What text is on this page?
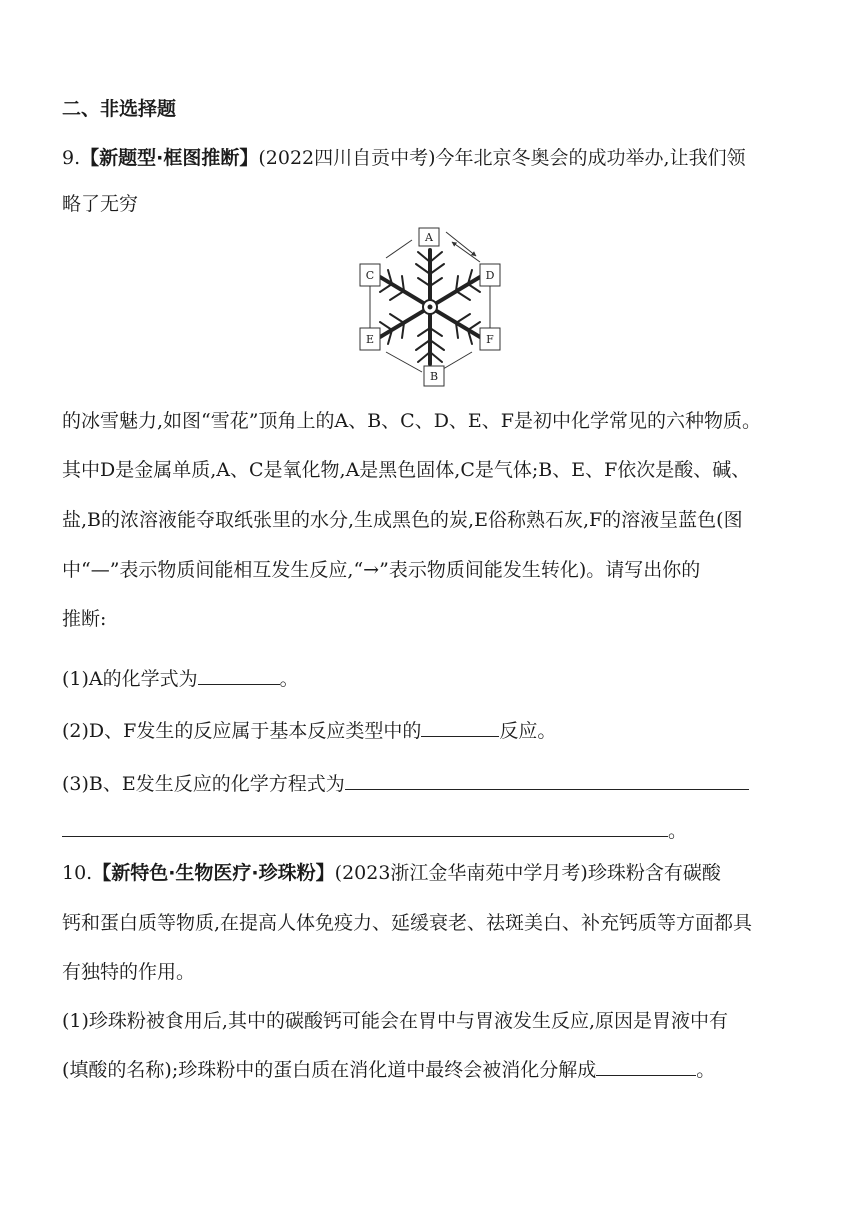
二、非选择题
9.【新题型·框图推断】(2022四川自贡中考)今年北京冬奥会的成功举办,让我们领
略了无穷
A
D
F
B
E
C
的冰雪魅力,如图“雪花”顶角上的A、B、C、D、E、F是初中化学常见的六种物质。
其中D是金属单质,A、C是氧化物,A是黑色固体,C是气体;B、E、F依次是酸、碱、
盐,B的浓溶液能夺取纸张里的水分,生成黑色的炭,E俗称熟石灰,F的溶液呈蓝色(图
中“—”表示物质间能相互发生反应,“→”表示物质间能发生转化)。请写出你的
推断:
(1)A的化学式为	。
(2)D、F发生的反应属于基本反应类型中的	反应。
(3)B、E发生反应的化学方程式为
。
10.【新特色·生物医疗·珍珠粉】(2023浙江金华南苑中学月考)珍珠粉含有碳酸
钙和蛋白质等物质,在提高人体免疫力、延缓衰老、祛斑美白、补充钙质等方面都具
有独特的作用。
(1)珍珠粉被食用后,其中的碳酸钙可能会在胃中与胃液发生反应,原因是胃液中有
(填酸的名称);珍珠粉中的蛋白质在消化道中最终会被消化分解成	。
